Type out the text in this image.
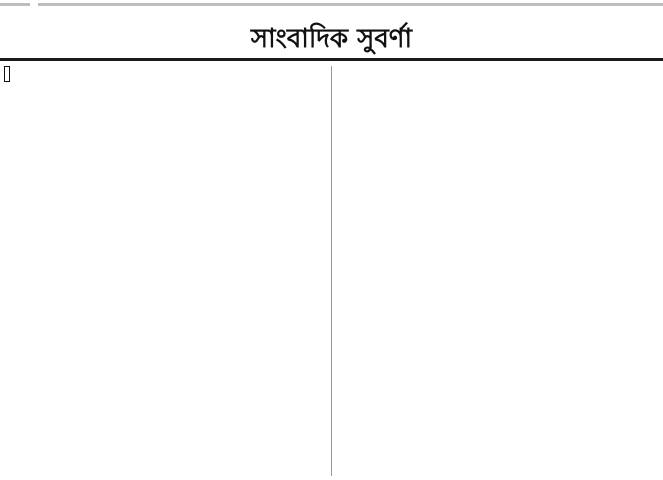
সাংবাদিক সুবর্ণা
